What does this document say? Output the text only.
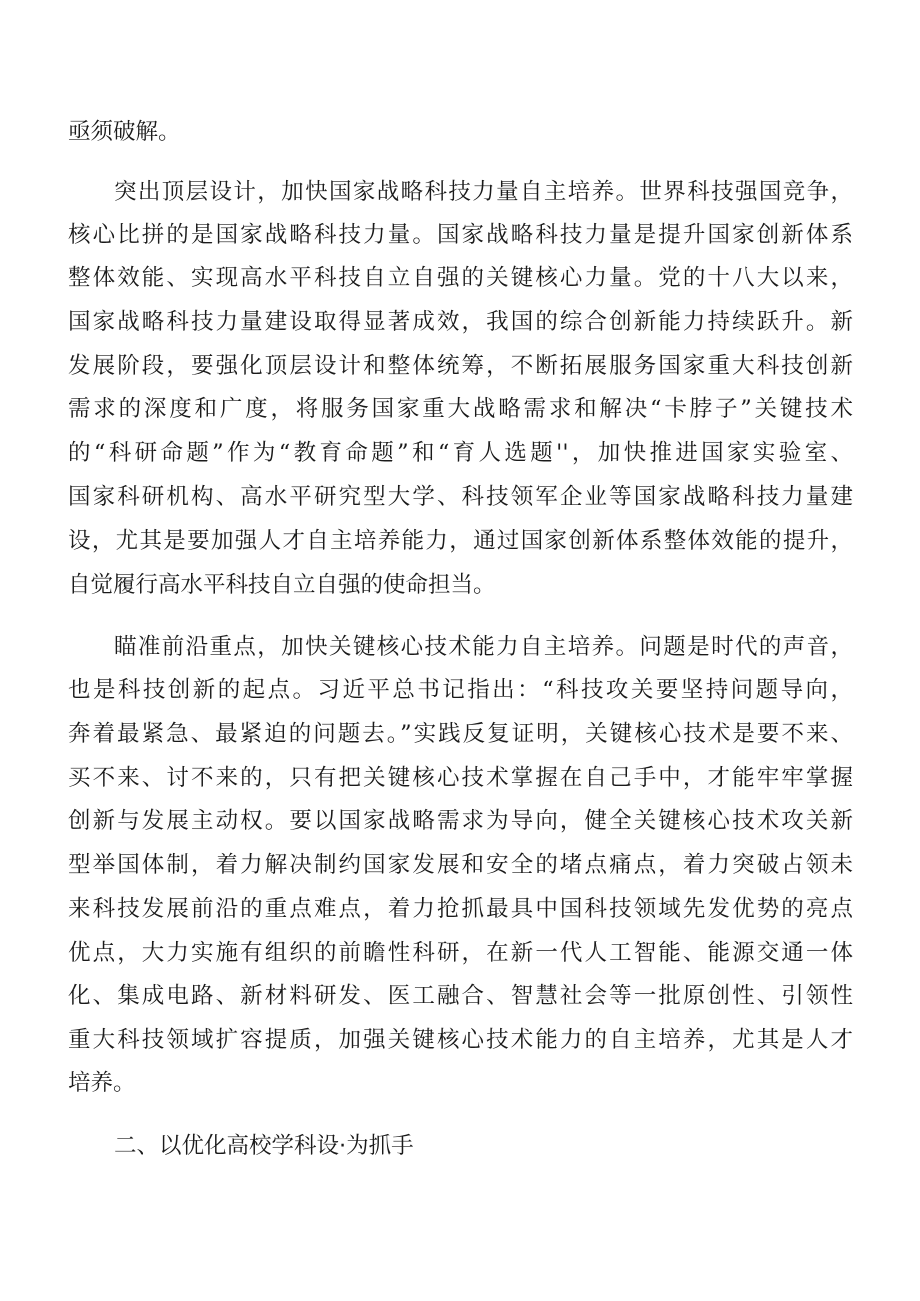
亟须破解。
突出顶层设计，加快国家战略科技力量自主培养。世界科技强国竞争，
核心比拼的是国家战略科技力量。国家战略科技力量是提升国家创新体系
整体效能、实现高水平科技自立自强的关键核心力量。党的十八大以来，
国家战略科技力量建设取得显著成效，我国的综合创新能力持续跃升。新
发展阶段，要强化顶层设计和整体统筹，不断拓展服务国家重大科技创新
需求的深度和广度，将服务国家重大战略需求和解决“卡脖子”关键技术
的“科研命题”作为“教育命题”和“育人选题''，加快推进国家实验室、
国家科研机构、高水平研究型大学、科技领军企业等国家战略科技力量建
设，尤其是要加强人才自主培养能力，通过国家创新体系整体效能的提升，
自觉履行高水平科技自立自强的使命担当。
瞄准前沿重点，加快关键核心技术能力自主培养。问题是时代的声音，
也是科技创新的起点。习近平总书记指出：“科技攻关要坚持问题导向，
奔着最紧急、最紧迫的问题去。”实践反复证明，关键核心技术是要不来、
买不来、讨不来的，只有把关键核心技术掌握在自己手中，才能牢牢掌握
创新与发展主动权。要以国家战略需求为导向，健全关键核心技术攻关新
型举国体制，着力解决制约国家发展和安全的堵点痛点，着力突破占领未
来科技发展前沿的重点难点，着力抢抓最具中国科技领域先发优势的亮点
优点，大力实施有组织的前瞻性科研，在新一代人工智能、能源交通一体
化、集成电路、新材料研发、医工融合、智慧社会等一批原创性、引领性
重大科技领域扩容提质，加强关键核心技术能力的自主培养，尤其是人才
培养。
二、以优化高校学科设·为抓手
